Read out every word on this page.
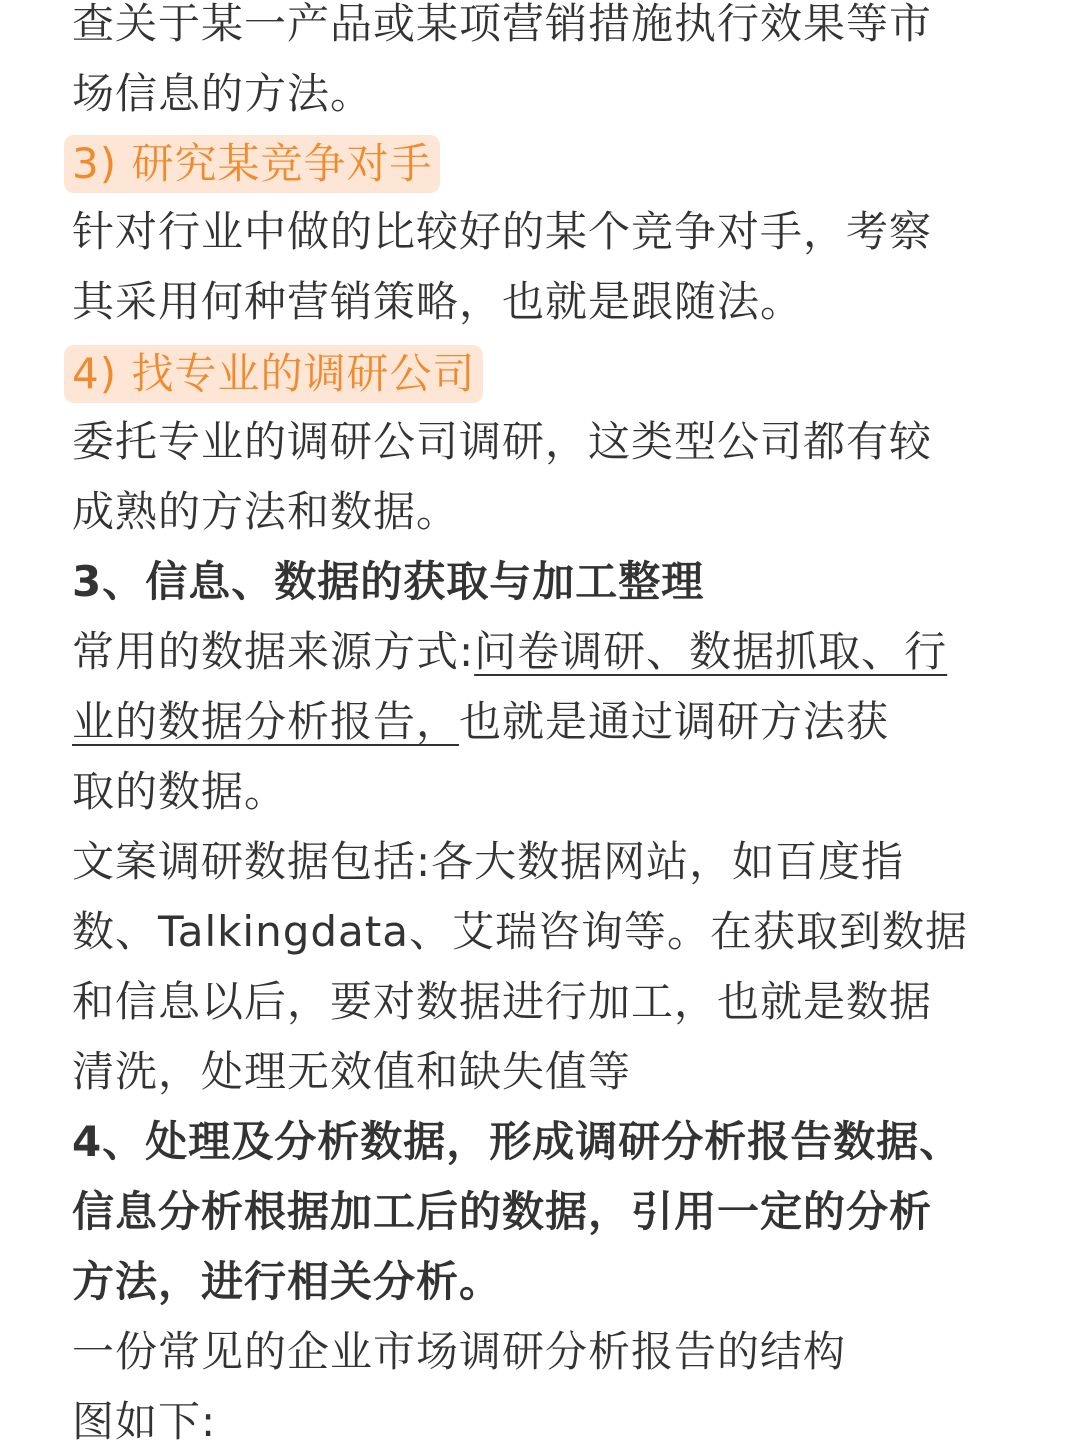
查关于某一产品或某项营销措施执行效果等市
场信息的方法。
3) 研究某竞争对手
针对行业中做的比较好的某个竞争对手，考察
其采用何种营销策略，也就是跟随法。
4) 找专业的调研公司
委托专业的调研公司调研，这类型公司都有较
成熟的方法和数据。
3、信息、数据的获取与加工整理
常用的数据来源方式:问卷调研、数据抓取、行
业的数据分析报告，也就是通过调研方法获
取的数据。
文案调研数据包括:各大数据网站，如百度指
数、Talkingdata、艾瑞咨询等。在获取到数据
和信息以后，要对数据进行加工，也就是数据
清洗，处理无效值和缺失值等
4、处理及分析数据，形成调研分析报告数据、
信息分析根据加工后的数据，引用一定的分析
方法，进行相关分析。
一份常见的企业市场调研分析报告的结构
图如下:
